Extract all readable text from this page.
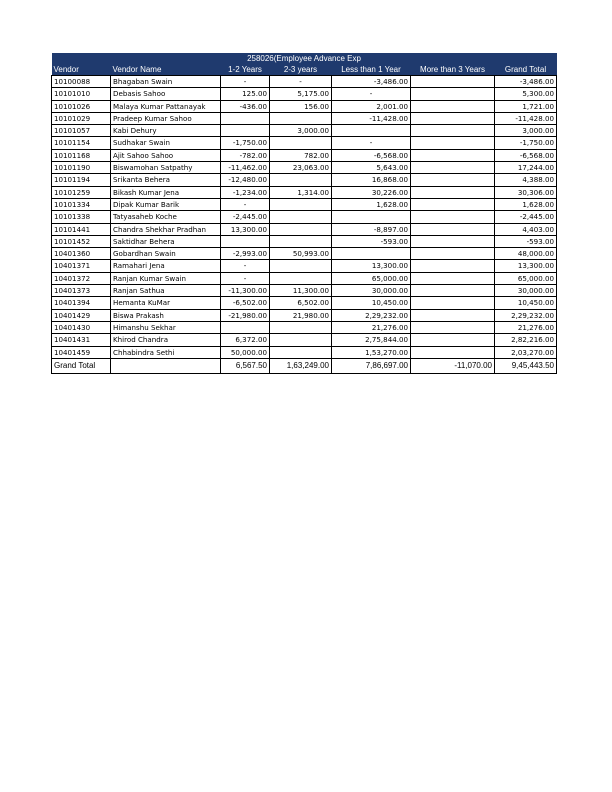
258026(Employee Advance Exp						
Vendor	Vendor Name	1-2 Years	2-3 years	Less than 1 Year	More than 3 Years	Grand Total
10100088	Bhagaban Swain	-	-	-3,486.00		-3,486.00
10101010	Debasis Sahoo	125.00	5,175.00	-		5,300.00
10101026	Malaya Kumar Pattanayak	-436.00	156.00	2,001.00		1,721.00
10101029	Pradeep Kumar Sahoo			-11,428.00		-11,428.00
10101057	Kabi Dehury		3,000.00			3,000.00
10101154	Sudhakar Swain	-1,750.00		-		-1,750.00
10101168	Ajit Sahoo Sahoo	-782.00	782.00	-6,568.00		-6,568.00
10101190	Biswamohan Satpathy	-11,462.00	23,063.00	5,643.00		17,244.00
10101194	Srikanta Behera	-12,480.00		16,868.00		4,388.00
10101259	Bikash Kumar Jena	-1,234.00	1,314.00	30,226.00		30,306.00
10101334	Dipak Kumar Barik	-		1,628.00		1,628.00
10101338	Tatyasaheb Koche	-2,445.00				-2,445.00
10101441	Chandra Shekhar Pradhan	13,300.00		-8,897.00		4,403.00
10101452	Saktidhar Behera			-593.00		-593.00
10401360	Gobardhan Swain	-2,993.00	50,993.00			48,000.00
10401371	Ramahari Jena	-		13,300.00		13,300.00
10401372	Ranjan Kumar Swain	-		65,000.00		65,000.00
10401373	Ranjan Sathua	-11,300.00	11,300.00	30,000.00		30,000.00
10401394	Hemanta KuMar	-6,502.00	6,502.00	10,450.00		10,450.00
10401429	Biswa Prakash	-21,980.00	21,980.00	2,29,232.00		2,29,232.00
10401430	Himanshu Sekhar			21,276.00		21,276.00
10401431	Khirod Chandra	6,372.00		2,75,844.00		2,82,216.00
10401459	Chhabindra Sethi	50,000.00		1,53,270.00		2,03,270.00
Grand Total		6,567.50	1,63,249.00	7,86,697.00	-11,070.00	9,45,443.50
